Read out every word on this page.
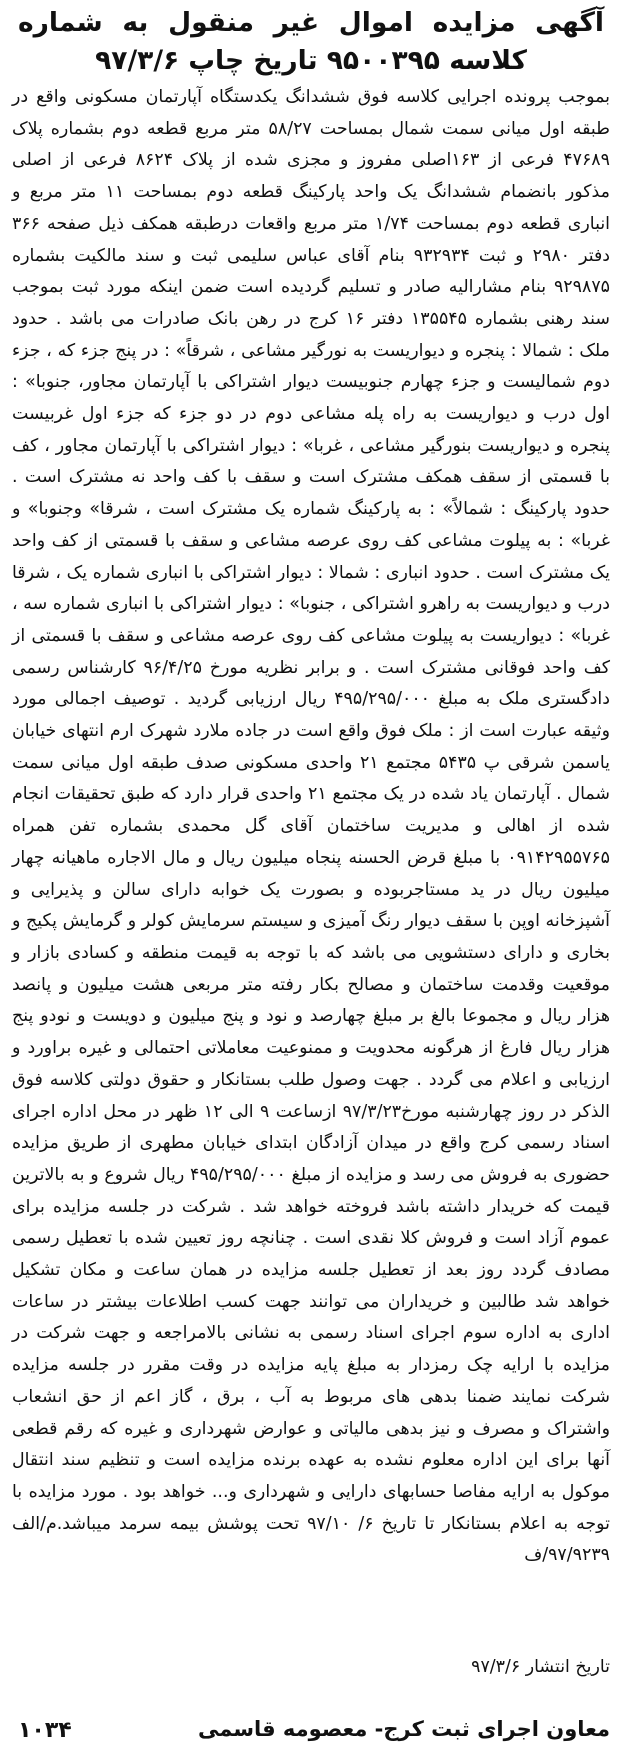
آگهی مزایده اموال غیر منقول به شماره کلاسه ۹۵۰۰۳۹۵ تاریخ چاپ ۹۷/۳/۶

بموجب پرونده اجرایی کلاسه فوق ششدانگ یکدستگاه آپارتمان مسکونی واقع در طبقه اول میانی سمت شمال بمساحت ۵۸/۲۷ متر مربع قطعه دوم بشماره پلاک ۴۷۶۸۹ فرعی از ۱۶۳اصلی مفروز و مجزی شده از پلاک ۸۶۲۴ فرعی از اصلی مذکور بانضمام ششدانگ یک واحد پارکینگ قطعه دوم بمساحت ۱۱ متر مربع و انباری قطعه دوم بمساحت ۱/۷۴ متر مربع واقعات درطبقه همکف ذیل صفحه ۳۶۶ دفتر ۲۹۸۰ و ثبت ۹۳۲۹۳۴ بنام آقای عباس سلیمی ثبت و سند مالکیت بشماره ۹۲۹۸۷۵ بنام مشارالیه صادر و تسلیم گردیده است ضمن اینکه مورد ثبت بموجب سند رهنی بشماره ۱۳۵۵۴۵ دفتر ۱۶ کرج در رهن بانک صادرات می باشد . حدود ملک : شمالا : پنجره و دیواریست به نورگیر مشاعی ، شرقاً» : در پنج جزء که ، جزء دوم شمالیست و جزء چهارم جنوبیست دیوار اشتراکی با آپارتمان مجاور، جنوبا» : اول درب و دیواریست به راه پله مشاعی دوم در دو جزء که جزء اول غربیست پنجره و دیواریست بنورگیر مشاعی ، غربا» : دیوار اشتراکی با آپارتمان مجاور ، کف با قسمتی از سقف همکف مشترک است و سقف با کف واحد نه مشترک است . حدود پارکینگ : شمالاً» : به پارکینگ شماره یک مشترک است ، شرقا» وجنوبا» و غربا» : به پیلوت مشاعی کف روی عرصه مشاعی و سقف با قسمتی از کف واحد یک مشترک است . حدود انباری : شمالا : دیوار اشتراکی با انباری شماره یک ، شرقا درب و دیواریست به راهرو اشتراکی ، جنوبا» : دیوار اشتراکی با انباری شماره سه ، غربا» : دیواریست به پیلوت مشاعی کف روی عرصه مشاعی و سقف با قسمتی از کف واحد فوقانی مشترک است . و برابر نظریه مورخ ۹۶/۴/۲۵ کارشناس رسمی دادگستری ملک به مبلغ ۴۹۵/۲۹۵/۰۰۰ ریال ارزیابی گردید . توصیف اجمالی مورد وثیقه عبارت است از : ملک فوق واقع است در جاده ملارد شهرک ارم انتهای خیابان یاسمن شرقی پ ۵۴۳۵ مجتمع ۲۱ واحدی مسکونی صدف طبقه اول میانی سمت شمال . آپارتمان یاد شده در یک مجتمع ۲۱ واحدی قرار دارد که طبق تحقیقات انجام شده از اهالی و مدیریت ساختمان آقای گل محمدی بشماره تفن همراه ۰۹۱۴۲۹۵۵۷۶۵ با مبلغ قرض الحسنه پنجاه میلیون ریال و مال الاجاره ماهیانه چهار میلیون ریال در ید مستاجربوده و بصورت یک خوابه دارای سالن و پذیرایی و آشپزخانه اوپن با سقف دیوار رنگ آمیزی و سیستم سرمایش کولر و گرمایش پکیج و بخاری و دارای دستشویی می باشد که با توجه به قیمت منطقه و کسادی بازار و موقعیت وقدمت ساختمان و مصالح بکار رفته متر مربعی هشت میلیون و پانصد هزار ریال و مجموعا بالغ بر مبلغ چهارصد و نود و پنج میلیون و دویست و نودو پنج هزار ریال فارغ از هرگونه محدویت و ممنوعیت معاملاتی احتمالی و غیره براورد و ارزیابی و اعلام می گردد . جهت وصول طلب بستانکار و حقوق دولتی کلاسه فوق الذکر در روز چهارشنبه مورخ۹۷/۳/۲۳ ازساعت ۹ الی ۱۲ ظهر در محل اداره اجرای اسناد رسمی کرج واقع در میدان آزادگان ابتدای خیابان مطهری از طریق مزایده حضوری به فروش می رسد و مزایده از مبلغ ۴۹۵/۲۹۵/۰۰۰ ریال شروع و به بالاترین قیمت که خریدار داشته باشد فروخته خواهد شد . شرکت در جلسه مزایده برای عموم آزاد است و فروش کلا نقدی است . چنانچه روز تعیین شده با تعطیل رسمی مصادف گردد روز بعد از تعطیل جلسه مزایده در همان ساعت و مکان تشکیل خواهد شد طالبین و خریداران می توانند جهت کسب اطلاعات بیشتر در ساعات اداری به اداره سوم اجرای اسناد رسمی به نشانی بالامراجعه و جهت شرکت در مزایده با ارایه چک رمزدار به مبلغ پایه مزایده در وقت مقرر در جلسه مزایده شرکت نمایند ضمنا بدهی های مربوط به آب ، برق ، گاز اعم از حق انشعاب واشتراک و مصرف و نیز بدهی مالیاتی و عوارض شهرداری و غیره که رقم قطعی آنها برای این اداره معلوم نشده به عهده برنده مزایده است و تنظیم سند انتقال موکول به ارایه مفاصا حسابهای دارایی و شهرداری و... خواهد بود . مورد مزایده با توجه به اعلام بستانکار تا تاریخ ۶/ ۹۷/۱۰ تحت پوشش بیمه سرمد میباشد.م/الف ۹۷/۹۲۳۹/ف

تاریخ انتشار ۹۷/۳/۶
معاون اجرای ثبت کرج- معصومه قاسمی
۱۰۳۴
